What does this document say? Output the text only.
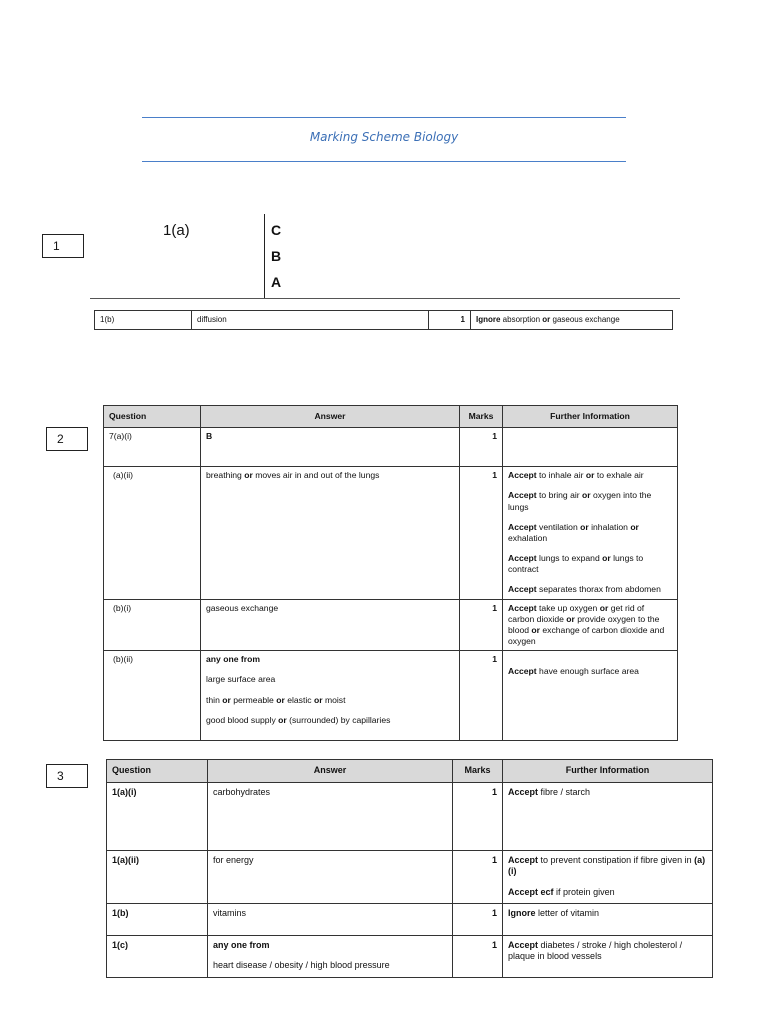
Marking Scheme Biology
1
1(a)	C
B
A
1(b)	diffusion	1	Ignore absorption or gaseous exchange
2
Question	Answer	Marks	Further Information
7(a)(i)	B	1	
(a)(ii)	breathing or moves air in and out of the lungs	1	Accept to inhale air or to exhale air

Accept to bring air or oxygen into the lungs

Accept ventilation or inhalation or exhalation

Accept lungs to expand or lungs to contract

Accept separates thorax from abdomen

(b)(i)	gaseous exchange	1	Accept take up oxygen or get rid of carbon dioxide or provide oxygen to the blood or exchange of carbon dioxide and oxygen
(b)(ii)	any one from

large surface area

thin or permeable or elastic or moist

good blood supply or (surrounded) by capillaries	1	Accept have enough surface area
3	Question	Answer	Marks	Further Information
1(a)(i)	carbohydrates	1	Accept fibre / starch
1(a)(ii)	for energy	1	Accept to prevent constipation if fibre given in (a)(i)

Accept ecf if protein given

1(b)	vitamins	1	Ignore letter of vitamin
1(c)	any one from

heart disease / obesity / high blood pressure	1	Accept diabetes / stroke / high cholesterol / plaque in blood vessels
